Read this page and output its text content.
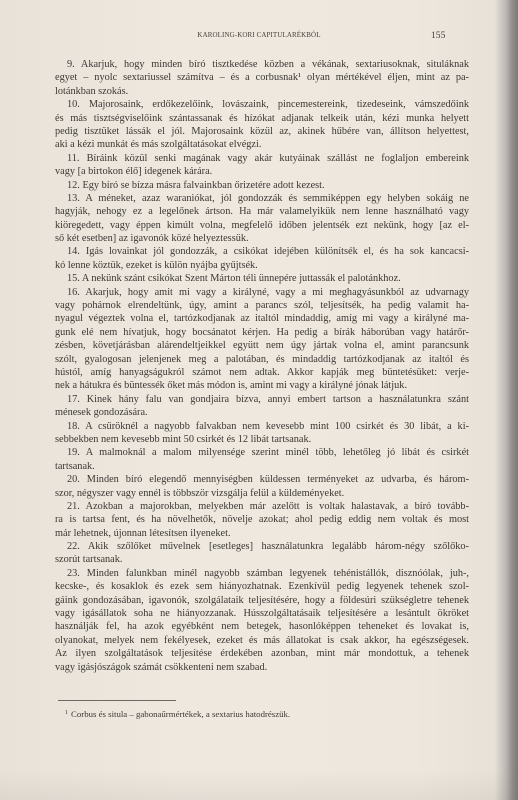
KAROLING-KORI CAPITULARÉKBÓL	155
9. Akarjuk, hogy minden bíró tisztkedése közben a vékának, sextariusoknak, situláknak
egyet – nyolc sextariussel számítva – és a corbusnak¹ olyan mértékével éljen, mint az pa-
lotánkban szokás.
10. Majorosaink, erdőkezelőink, lovászaink, pincemestereink, tizedeseink, vámszedőink
és más tisztségviselőink szántassanak és hízókat adjanak telkeik után, kézi munka helyett
pedig tisztüket lássák el jól. Majorosaink közül az, akinek hűbére van, állítson helyettest,
aki a kézi munkát és más szolgáltatásokat elvégzi.
11. Bíráink közül senki magának vagy akár kutyáinak szállást ne foglaljon embereink
vagy [a birtokon élő] idegenek kárára.
12. Egy bíró se bízza másra falvainkban őrizetére adott kezest.
13. A méneket, azaz waraniókat, jól gondozzák és semmiképpen egy helyben sokáig ne
hagyják, nehogy ez a legelőnek ártson. Ha már valamelyikük nem lenne használható vagy
kiöregedett, vagy éppen kimúlt volna, megfelelő időben jelentsék ezt nekünk, hogy [az el-
ső két esetben] az igavonók közé helyeztessük.
14. Igás lovainkat jól gondozzák, a csikókat idejében különítsék el, és ha sok kancacsi-
kó lenne köztük, ezeket is külön nyájba gyűjtsék.
15. A nekünk szánt csikókat Szent Márton téli ünnepére juttassák el palotánkhoz.
16. Akarjuk, hogy amit mi vagy a királyné, vagy a mi meghagyásunkból az udvarnagy
vagy pohárnok elrendeltünk, úgy, amint a parancs szól, teljesítsék, ha pedig valamit ha-
nyagul végeztek volna el, tartózkodjanak az italtól mindaddig, amíg mi vagy a királyné ma-
gunk elé nem hívatjuk, hogy bocsánatot kérjen. Ha pedig a bírák háborúban vagy határőr-
zésben, követjárásban alárendeltjeikkel együtt nem úgy jártak volna el, amint parancsunk
szólt, gyalogosan jelenjenek meg a palotában, és mindaddig tartózkodjanak az italtól és
hústól, amíg hanyagságukról számot nem adtak. Akkor kapják meg büntetésüket: verje-
nek a hátukra és büntessék őket más módon is, amint mi vagy a királyné jónak látjuk.
17. Kinek hány falu van gondjaira bízva, annyi embert tartson a használatunkra szánt
ménesek gondozására.
18. A csűröknél a nagyobb falvakban nem kevesebb mint 100 csirkét és 30 libát, a ki-
sebbekben nem kevesebb mint 50 csirkét és 12 libát tartsanak.
19. A malmoknál a malom milyensége szerint minél több, lehetőleg jó libát és csirkét
tartsanak.
20. Minden bíró elegendő mennyiségben küldessen terményeket az udvarba, és három-
szor, négyszer vagy ennél is többször vizsgálja felül a küldeményeket.
21. Azokban a majorokban, melyekben már azelőtt is voltak halastavak, a bíró tovább-
ra is tartsa fent, és ha növelhetők, növelje azokat; ahol pedig eddig nem voltak és most
már lehetnek, újonnan létesítsen ilyeneket.
22. Akik szőlőket művelnek [esetleges] használatunkra legalább három-négy szőlőko-
szorút tartsanak.
23. Minden falunkban minél nagyobb számban legyenek tehénistállók, disznóólak, juh-,
kecske-, és kosaklok és ezek sem hiányozhatnak. Ezenkívül pedig legyenek tehenek szol-
gáink gondozásában, igavonók, szolgálataik teljesítésére, hogy a földesúri szükségletre tehenek
vagy igásállatok soha ne hiányozzanak. Hússzolgáltatásaik teljesítésére a lesántult ökröket
használják fel, ha azok egyébként nem betegek, hasonlóképpen teheneket és lovakat is,
olyanokat, melyek nem fekélyesek, ezeket és más állatokat is csak akkor, ha egészségesek.
Az ilyen szolgáltatások teljesítése érdekében azonban, mint már mondottuk, a tehenek
vagy igásjószágok számát csökkenteni nem szabad.
$^1$ Corbus és situla – gabonaűrmértékek, a sextarius hatodrészük.
